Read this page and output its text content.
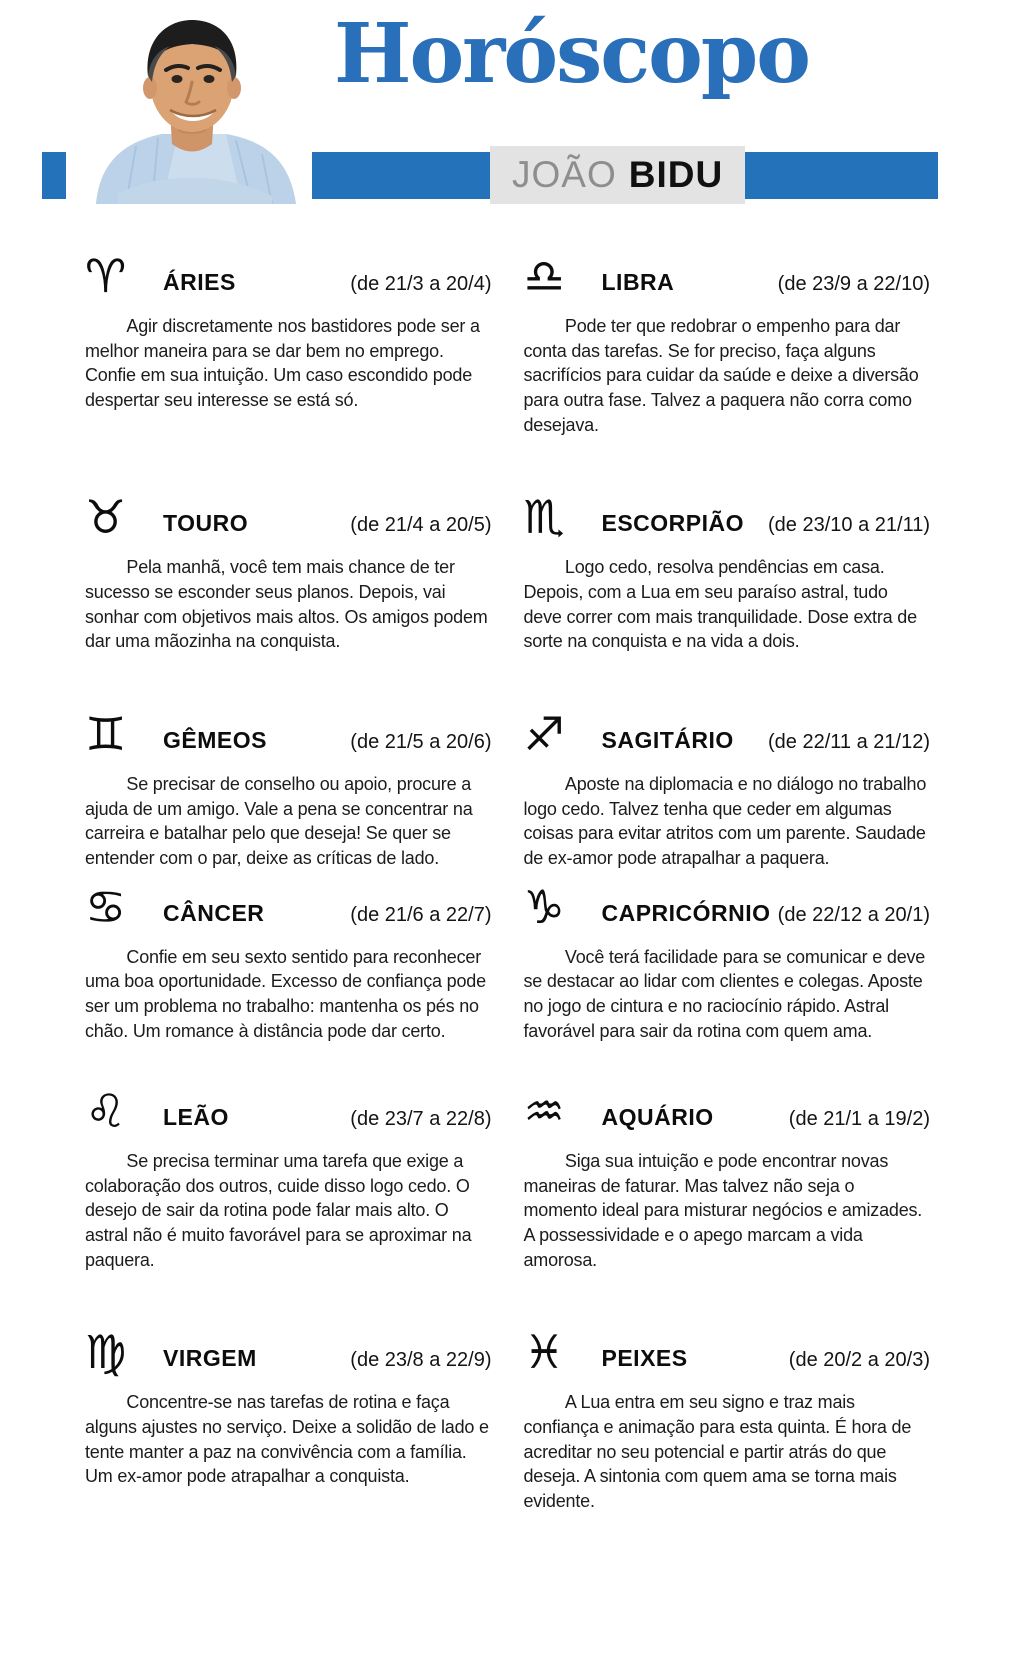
Horóscopo
JOÃO BIDU
♈	ÁRIES	(de 21/3 a 20/4)

Agir discretamente nos bastidores pode ser a melhor maneira para se dar bem no emprego. Confie em sua intuição. Um caso escondido pode despertar seu interesse se está só.

♉	TOURO	(de 21/4 a 20/5)

Pela manhã, você tem mais chance de ter sucesso se esconder seus planos. Depois, vai sonhar com objetivos mais altos. Os amigos podem dar uma mãozinha na conquista.

♊	GÊMEOS	(de 21/5 a 20/6)

Se precisar de conselho ou apoio, procure a ajuda de um amigo. Vale a pena se concentrar na carreira e batalhar pelo que deseja! Se quer se entender com o par, deixe as críticas de lado.

♋	CÂNCER	(de 21/6 a 22/7)

Confie em seu sexto sentido para reconhecer uma boa oportunidade. Excesso de confiança pode ser um problema no trabalho: mantenha os pés no chão. Um romance à distância pode dar certo.

♌	LEÃO	(de 23/7 a 22/8)

Se precisa terminar uma tarefa que exige a colaboração dos outros, cuide disso logo cedo. O desejo de sair da rotina pode falar mais alto. O astral não é muito favorável para se aproximar na paquera.

♍	VIRGEM	(de 23/8 a 22/9)

Concentre-se nas tarefas de rotina e faça alguns ajustes no serviço. Deixe a solidão de lado e tente manter a paz na convivência com a família. Um ex-amor pode atrapalhar a conquista.

♎	LIBRA	(de 23/9 a 22/10)

Pode ter que redobrar o empenho para dar conta das tarefas. Se for preciso, faça alguns sacrifícios para cuidar da saúde e deixe a diversão para outra fase. Talvez a paquera não corra como desejava.

♏	ESCORPIÃO (de 23/10 a 21/11)

Logo cedo, resolva pendências em casa. Depois, com a Lua em seu paraíso astral, tudo deve correr com mais tranquilidade. Dose extra de sorte na conquista e na vida a dois.

♐	SAGITÁRIO (de 22/11 a 21/12)

Aposte na diplomacia e no diálogo no trabalho logo cedo. Talvez tenha que ceder em algumas coisas para evitar atritos com um parente. Saudade de ex-amor pode atrapalhar a paquera.

♑	CAPRICÓRNIO (de 22/12 a 20/1)

Você terá facilidade para se comunicar e deve se destacar ao lidar com clientes e colegas. Aposte no jogo de cintura e no raciocínio rápido. Astral favorável para sair da rotina com quem ama.

♒	AQUÁRIO	(de 21/1 a 19/2)

Siga sua intuição e pode encontrar novas maneiras de faturar. Mas talvez não seja o momento ideal para misturar negócios e amizades. A possessividade e o apego marcam a vida amorosa.

♓	PEIXES	(de 20/2 a 20/3)

A Lua entra em seu signo e traz mais confiança e animação para esta quinta. É hora de acreditar no seu potencial e partir atrás do que deseja. A sintonia com quem ama se torna mais evidente.
